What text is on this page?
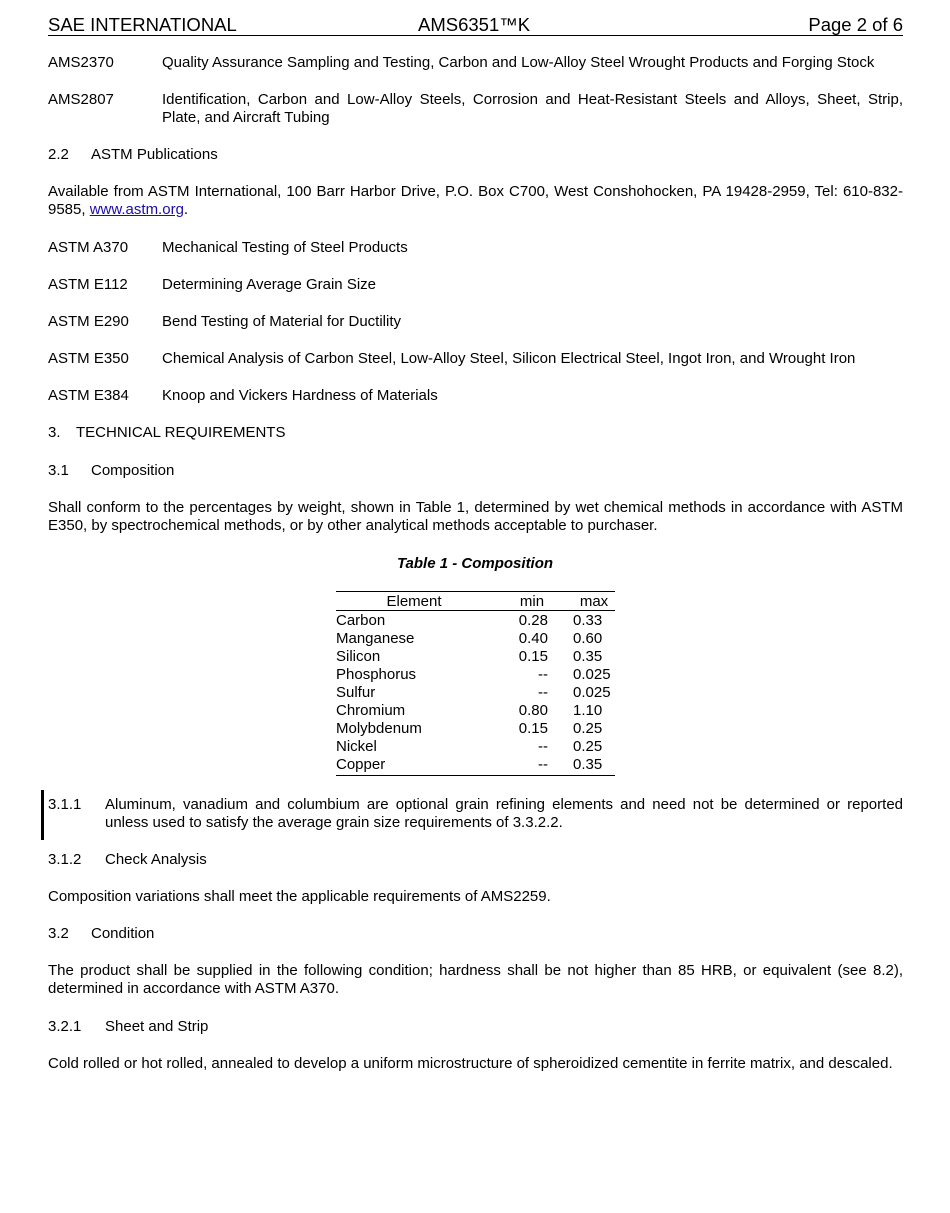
SAE INTERNATIONAL	AMS6351™K	Page 2 of 6
AMS2370	Quality Assurance Sampling and Testing, Carbon and Low-Alloy Steel Wrought Products and Forging Stock
AMS2807	Identification, Carbon and Low-Alloy Steels, Corrosion and Heat-Resistant Steels and Alloys, Sheet, Strip, Plate, and Aircraft Tubing
2.2 ASTM Publications
Available from ASTM International, 100 Barr Harbor Drive, P.O. Box C700, West Conshohocken, PA 19428-2959, Tel: 610-832-9585, www.astm.org.
ASTM A370 Mechanical Testing of Steel Products
ASTM E112 Determining Average Grain Size
ASTM E290 Bend Testing of Material for Ductility
ASTM E350 Chemical Analysis of Carbon Steel, Low-Alloy Steel, Silicon Electrical Steel, Ingot Iron, and Wrought Iron
ASTM E384 Knoop and Vickers Hardness of Materials
3. TECHNICAL REQUIREMENTS
3.1 Composition
Shall conform to the percentages by weight, shown in Table 1, determined by wet chemical methods in accordance with ASTM E350, by spectrochemical methods, or by other analytical methods acceptable to purchaser.
Table 1 - Composition
Element	min	max
Carbon	0.28 0.33
Manganese	0.40 0.60
Silicon	0.15 0.35
Phosphorus	-- 0.025
Sulfur	-- 0.025
Chromium	0.80 1.10
Molybdenum	0.15 0.25
Nickel	-- 0.25
Copper	-- 0.35
3.1.1 Aluminum, vanadium and columbium are optional grain refining elements and need not be determined or reported unless used to satisfy the average grain size requirements of 3.3.2.2.
3.1.2 Check Analysis
Composition variations shall meet the applicable requirements of AMS2259.
3.2 Condition
The product shall be supplied in the following condition; hardness shall be not higher than 85 HRB, or equivalent (see 8.2), determined in accordance with ASTM A370.
3.2.1 Sheet and Strip
Cold rolled or hot rolled, annealed to develop a uniform microstructure of spheroidized cementite in ferrite matrix, and descaled.
